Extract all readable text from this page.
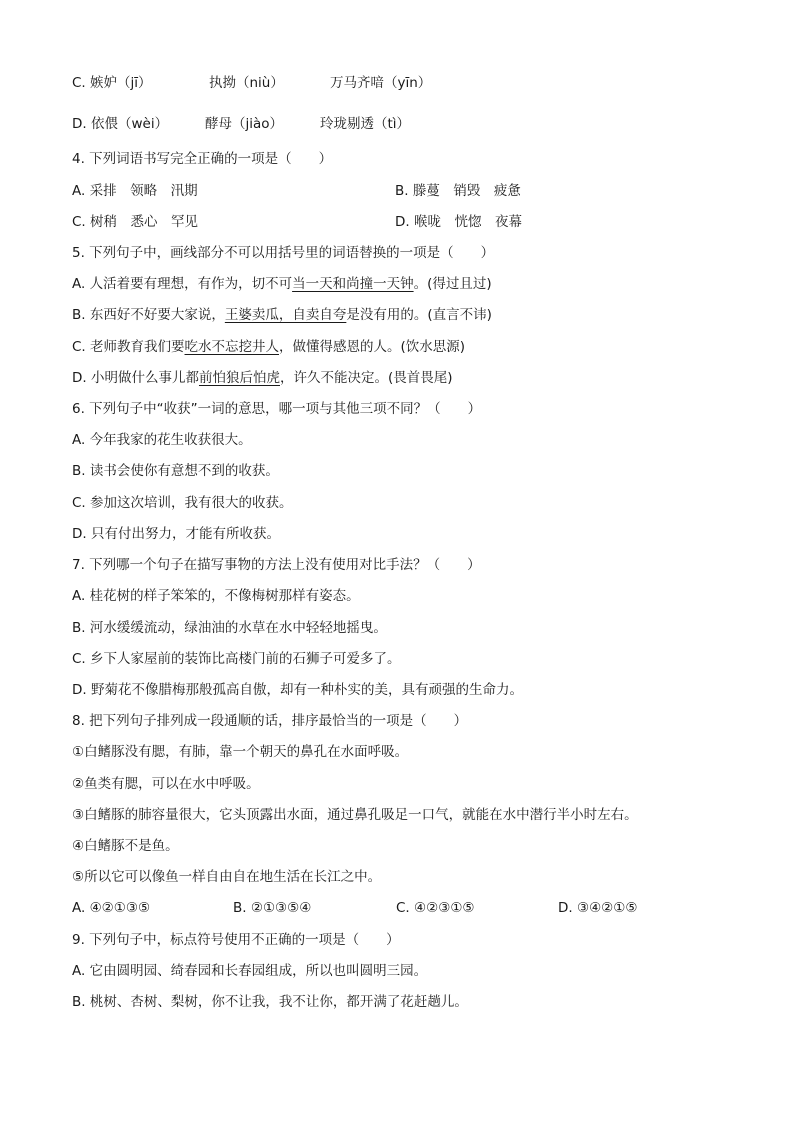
C. 嫉妒（jī）	执拗（niù）	万马齐喑（yīn）
D. 依偎（wèi）	酵母（jiào）	玲珑剔透（tì）
4. 下列词语书写完全正确的一项是（　　）
A. 采排　领略　汛期	B. 滕蔓　销毁　疲惫
C. 树稍　悉心　罕见	D. 喉咙　恍惚　夜幕
5. 下列句子中，画线部分不可以用括号里的词语替换的一项是（　　）
A. 人活着要有理想，有作为，切不可当一天和尚撞一天钟。(得过且过)
B. 东西好不好要大家说，王婆卖瓜，自卖自夸是没有用的。(直言不讳)
C. 老师教育我们要吃水不忘挖井人，做懂得感恩的人。(饮水思源)
D. 小明做什么事儿都前怕狼后怕虎，许久不能决定。(畏首畏尾)
6. 下列句子中“收获”一词的意思，哪一项与其他三项不同？（　　）
A. 今年我家的花生收获很大。
B. 读书会使你有意想不到的收获。
C. 参加这次培训，我有很大的收获。
D. 只有付出努力，才能有所收获。
7. 下列哪一个句子在描写事物的方法上没有使用对比手法？（　　）
A. 桂花树的样子笨笨的，不像梅树那样有姿态。
B. 河水缓缓流动，绿油油的水草在水中轻轻地摇曳。
C. 乡下人家屋前的装饰比高楼门前的石狮子可爱多了。
D. 野菊花不像腊梅那般孤高自傲，却有一种朴实的美，具有顽强的生命力。
8. 把下列句子排列成一段通顺的话，排序最恰当的一项是（　　）
①白鳍豚没有腮，有肺，靠一个朝天的鼻孔在水面呼吸。
②鱼类有腮，可以在水中呼吸。
③白鳍豚的肺容量很大，它头顶露出水面，通过鼻孔吸足一口气，就能在水中潜行半小时左右。
④白鳍豚不是鱼。
⑤所以它可以像鱼一样自由自在地生活在长江之中。
A. ④②①③⑤	B. ②①③⑤④	C. ④②③①⑤	D. ③④②①⑤
9. 下列句子中，标点符号使用不正确的一项是（　　）
A. 它由圆明园、绮春园和长春园组成，所以也叫圆明三园。
B. 桃树、杏树、梨树，你不让我，我不让你，都开满了花赶趟儿。
